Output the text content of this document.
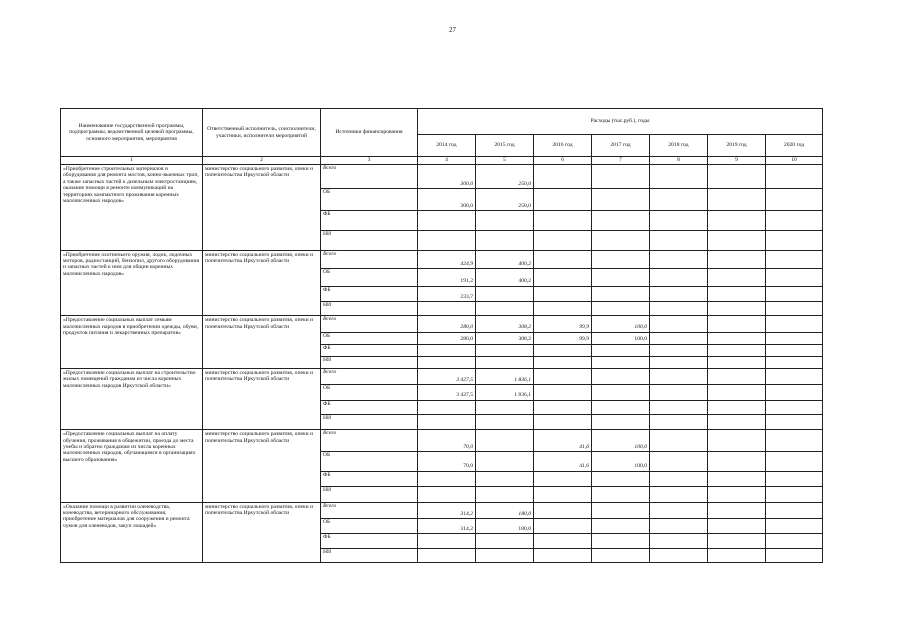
27
Наименование государственной программы, подпрограммы, ведомственной целевой программы, основного мероприятия, мероприятия	Ответственный исполнитель, соисполнители, участники, исполнители мероприятий	Источники финансирования	Расходы (тыс.руб.), годы						
			2014 год	2015 год	2016 год	2017 год	2018 год	2019 год	2020 год
1	2	3	4	5	6	7	8	9	10
«Приобретение строительных материалов и оборудования для ремонта мостов, конно-вьючных троп, а также запасных частей к дизельным электростанциям, оказание помощи в ремонте коммуникаций на территориях компактного проживания коренных малочисленных народов»	министерство социального развития, опеки и попечительства Иркутской области	Всего	300,0	250,0					
		ОБ	300,0	250,0					
		ФБ							
		НИ							
«Приобретение охотничьего оружия, лодок, лодочных моторов, радиостанций, бензопил, другого оборудования и запасных частей к ним для общин коренных малочисленных народов»	министерство социального развития, опеки и попечительства Иркутской области	Всего	424,9	400,2					
		ОБ	191,2	400,2					
		ФБ	233,7						
		НИ							
«Предоставление социальных выплат семьям малочисленных народов в приобретении одежды, обуви, продуктов питания и лекарственных препаратов»	министерство социального развития, опеки и попечительства Иркутской области	Всего	280,0	308,2	99,9	100,0			
		ОБ	280,0	308,2	99,9	100,0			
		ФБ							
		НИ							
«Предоставление социальных выплат на строительство жилых помещений гражданам из числа коренных малочисленных народов Иркутской области»	министерство социального развития, опеки и попечительства Иркутской области	Всего	3 427,5	1 836,1					
		ОБ	3 427,5	1 836,1					
		ФБ							
		НИ							
«Предоставление социальных выплат на оплату обучения, проживания в общежитии, проезда до места учебы и обратно гражданам из числа коренных малочисленных народов, обучающимся в организациях высшего образования»	министерство социального развития, опеки и попечительства Иркутской области	Всего	70,0		41,6	100,0			
		ОБ	70,0		41,6	100,0			
		ФБ							
		НИ							
«Оказание помощи в развитии оленеводства, коневодства, ветеринарного обслуживания, приобретение материалов для сооружения и ремонта чумов для оленеводов, закуп лошадей»	министерство социального развития, опеки и попечительства Иркутской области	Всего	314,2	180,0					
		ОБ	314,2	180,0					
		ФБ							
		НИ							
